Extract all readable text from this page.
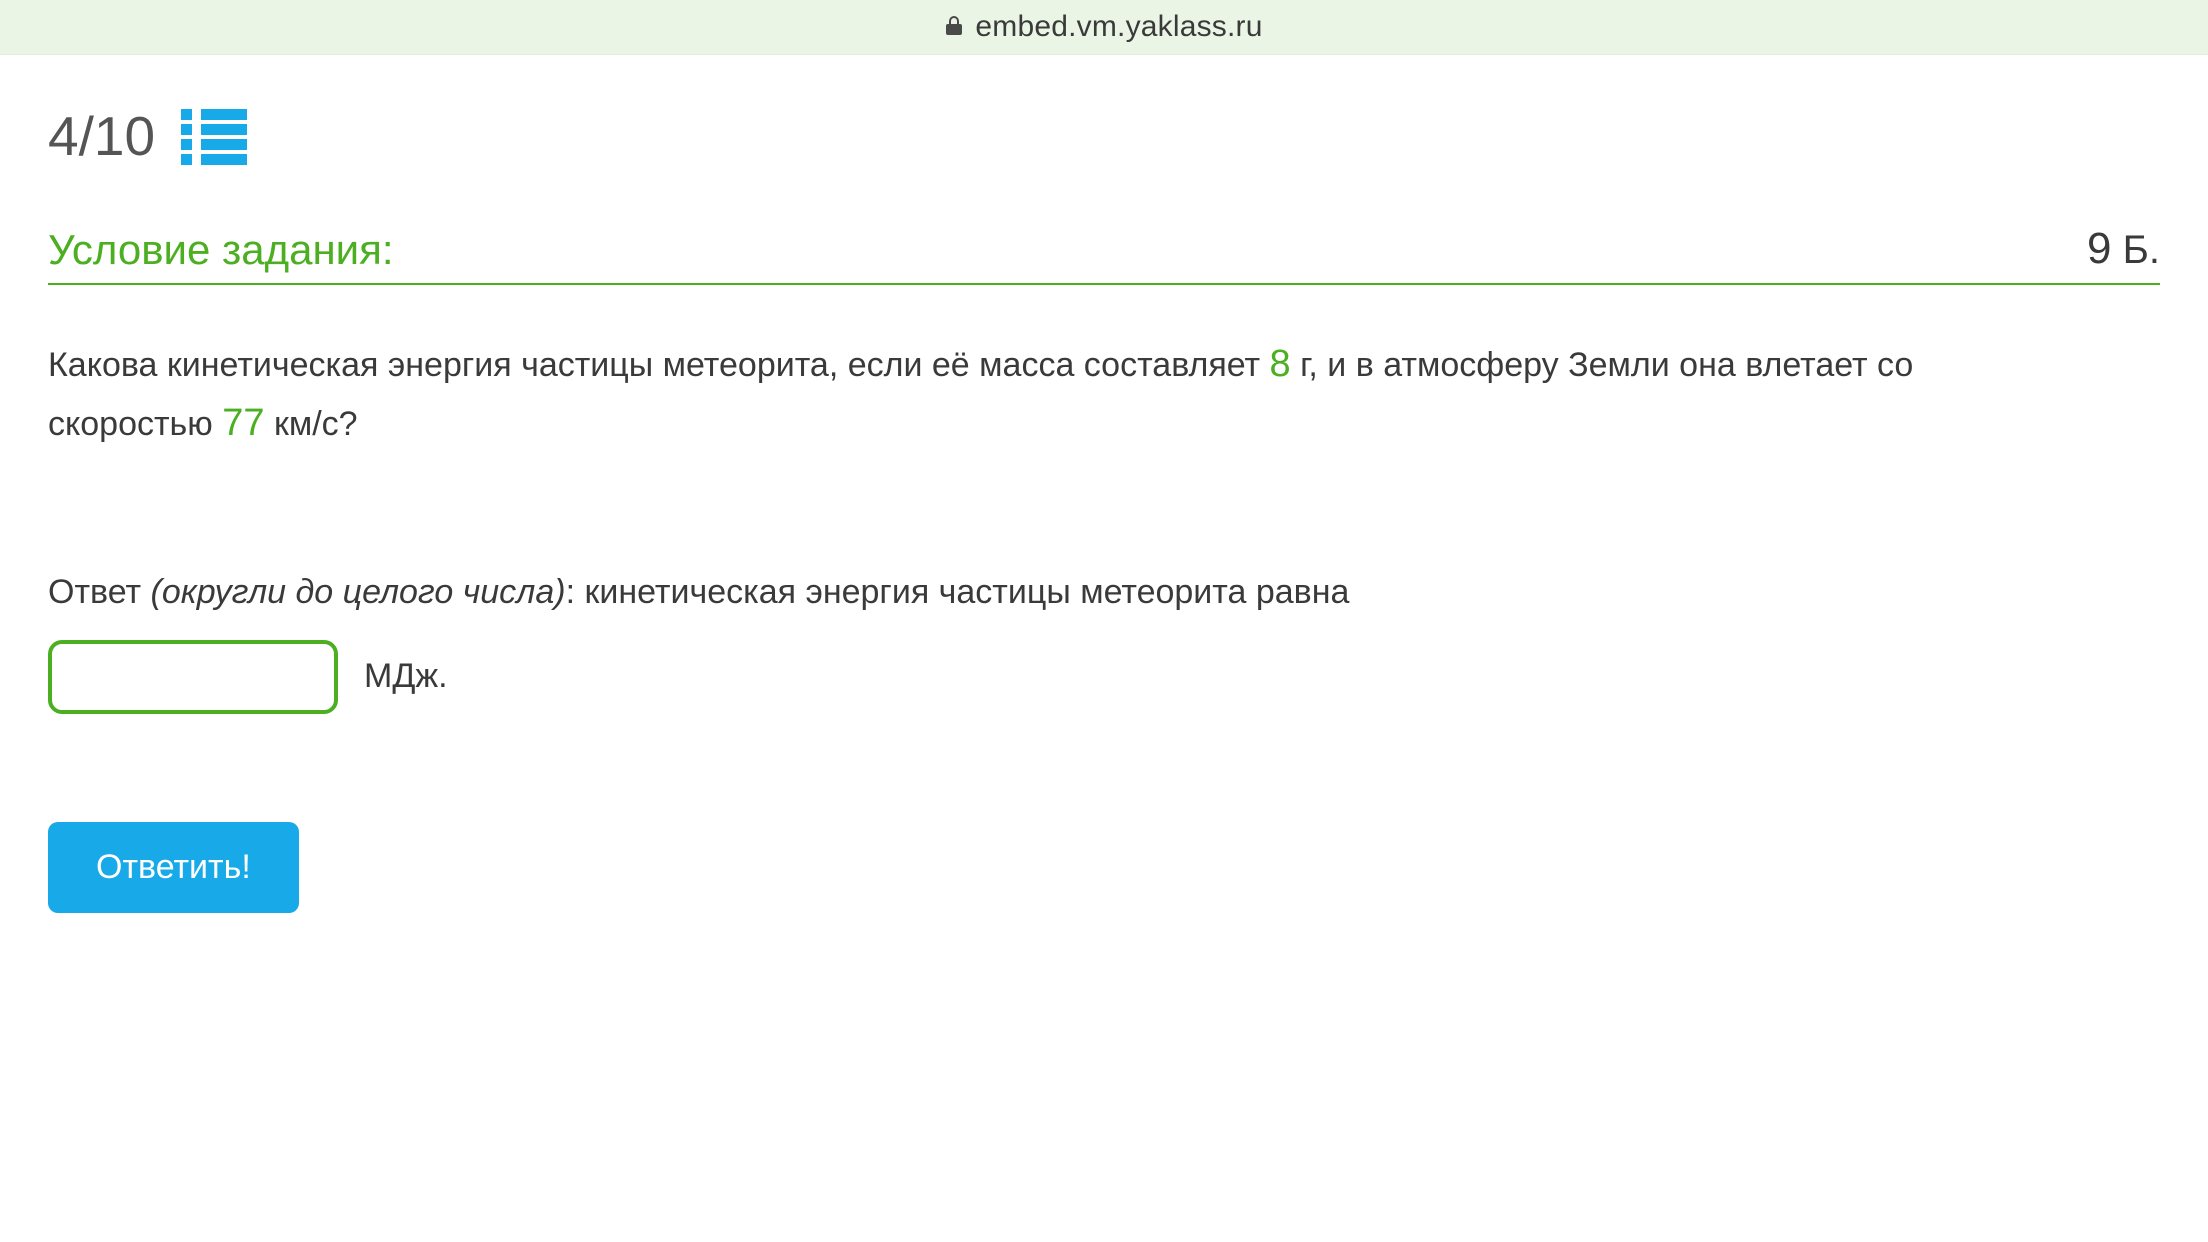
embed.vm.yaklass.ru
4/10
Условие задания:	9 Б.
Какова кинетическая энергия частицы метеорита, если её масса составляет 8 г, и в атмосферу Земли она влетает со скоростью 77 км/с?
Ответ (округли до целого числа): кинетическая энергия частицы метеорита равна
МДж.
Ответить!
